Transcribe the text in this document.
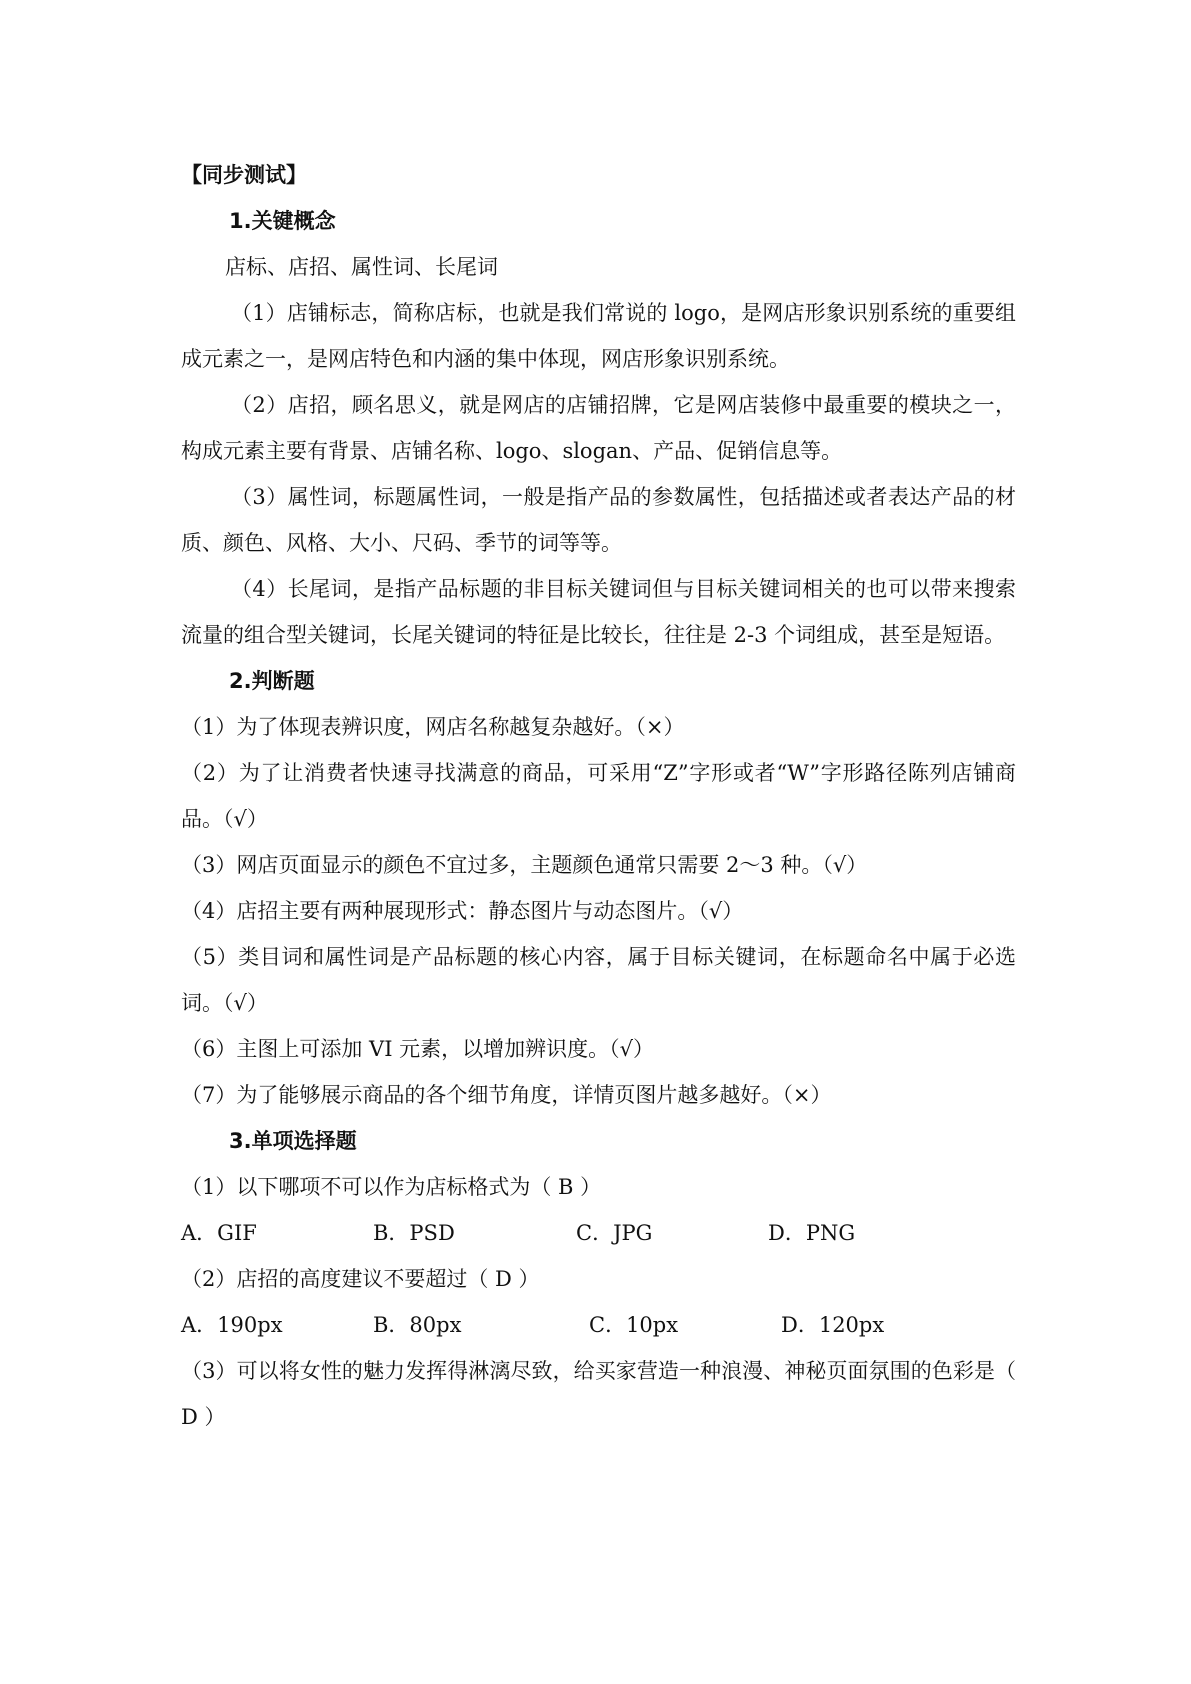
【同步测试】

1.关键概念

店标、店招、属性词、长尾词

（1）店铺标志，简称店标，也就是我们常说的 logo，是网店形象识别系统的重要组成元素之一，是网店特色和内涵的集中体现，网店形象识别系统。

（2）店招，顾名思义，就是网店的店铺招牌，它是网店装修中最重要的模块之一，构成元素主要有背景、店铺名称、logo、slogan、产品、促销信息等。

（3）属性词，标题属性词，一般是指产品的参数属性，包括描述或者表达产品的材质、颜色、风格、大小、尺码、季节的词等等。

（4）长尾词，是指产品标题的非目标关键词但与目标关键词相关的也可以带来搜索流量的组合型关键词，长尾关键词的特征是比较长，往往是 2-3 个词组成，甚至是短语。

2.判断题

（1）为了体现表辨识度，网店名称越复杂越好。（×）

（2）为了让消费者快速寻找满意的商品，可采用“Z”字形或者“W”字形路径陈列店铺商品。（√）

（3）网店页面显示的颜色不宜过多，主题颜色通常只需要 2～3 种。（√）

（4）店招主要有两种展现形式：静态图片与动态图片。（√）

（5）类目词和属性词是产品标题的核心内容，属于目标关键词，在标题命名中属于必选词。（√）

（6）主图上可添加 VI 元素，以增加辨识度。（√）

（7）为了能够展示商品的各个细节角度，详情页图片越多越好。（×）

3.单项选择题

（1）以下哪项不可以作为店标格式为（ B ）

A．GIF	B．PSD	C．JPG	D．PNG

（2）店招的高度建议不要超过（ D ）

A．190px	B．80px	C．10px	D．120px

（3）可以将女性的魅力发挥得淋漓尽致，给买家营造一种浪漫、神秘页面氛围的色彩是（ D ）
